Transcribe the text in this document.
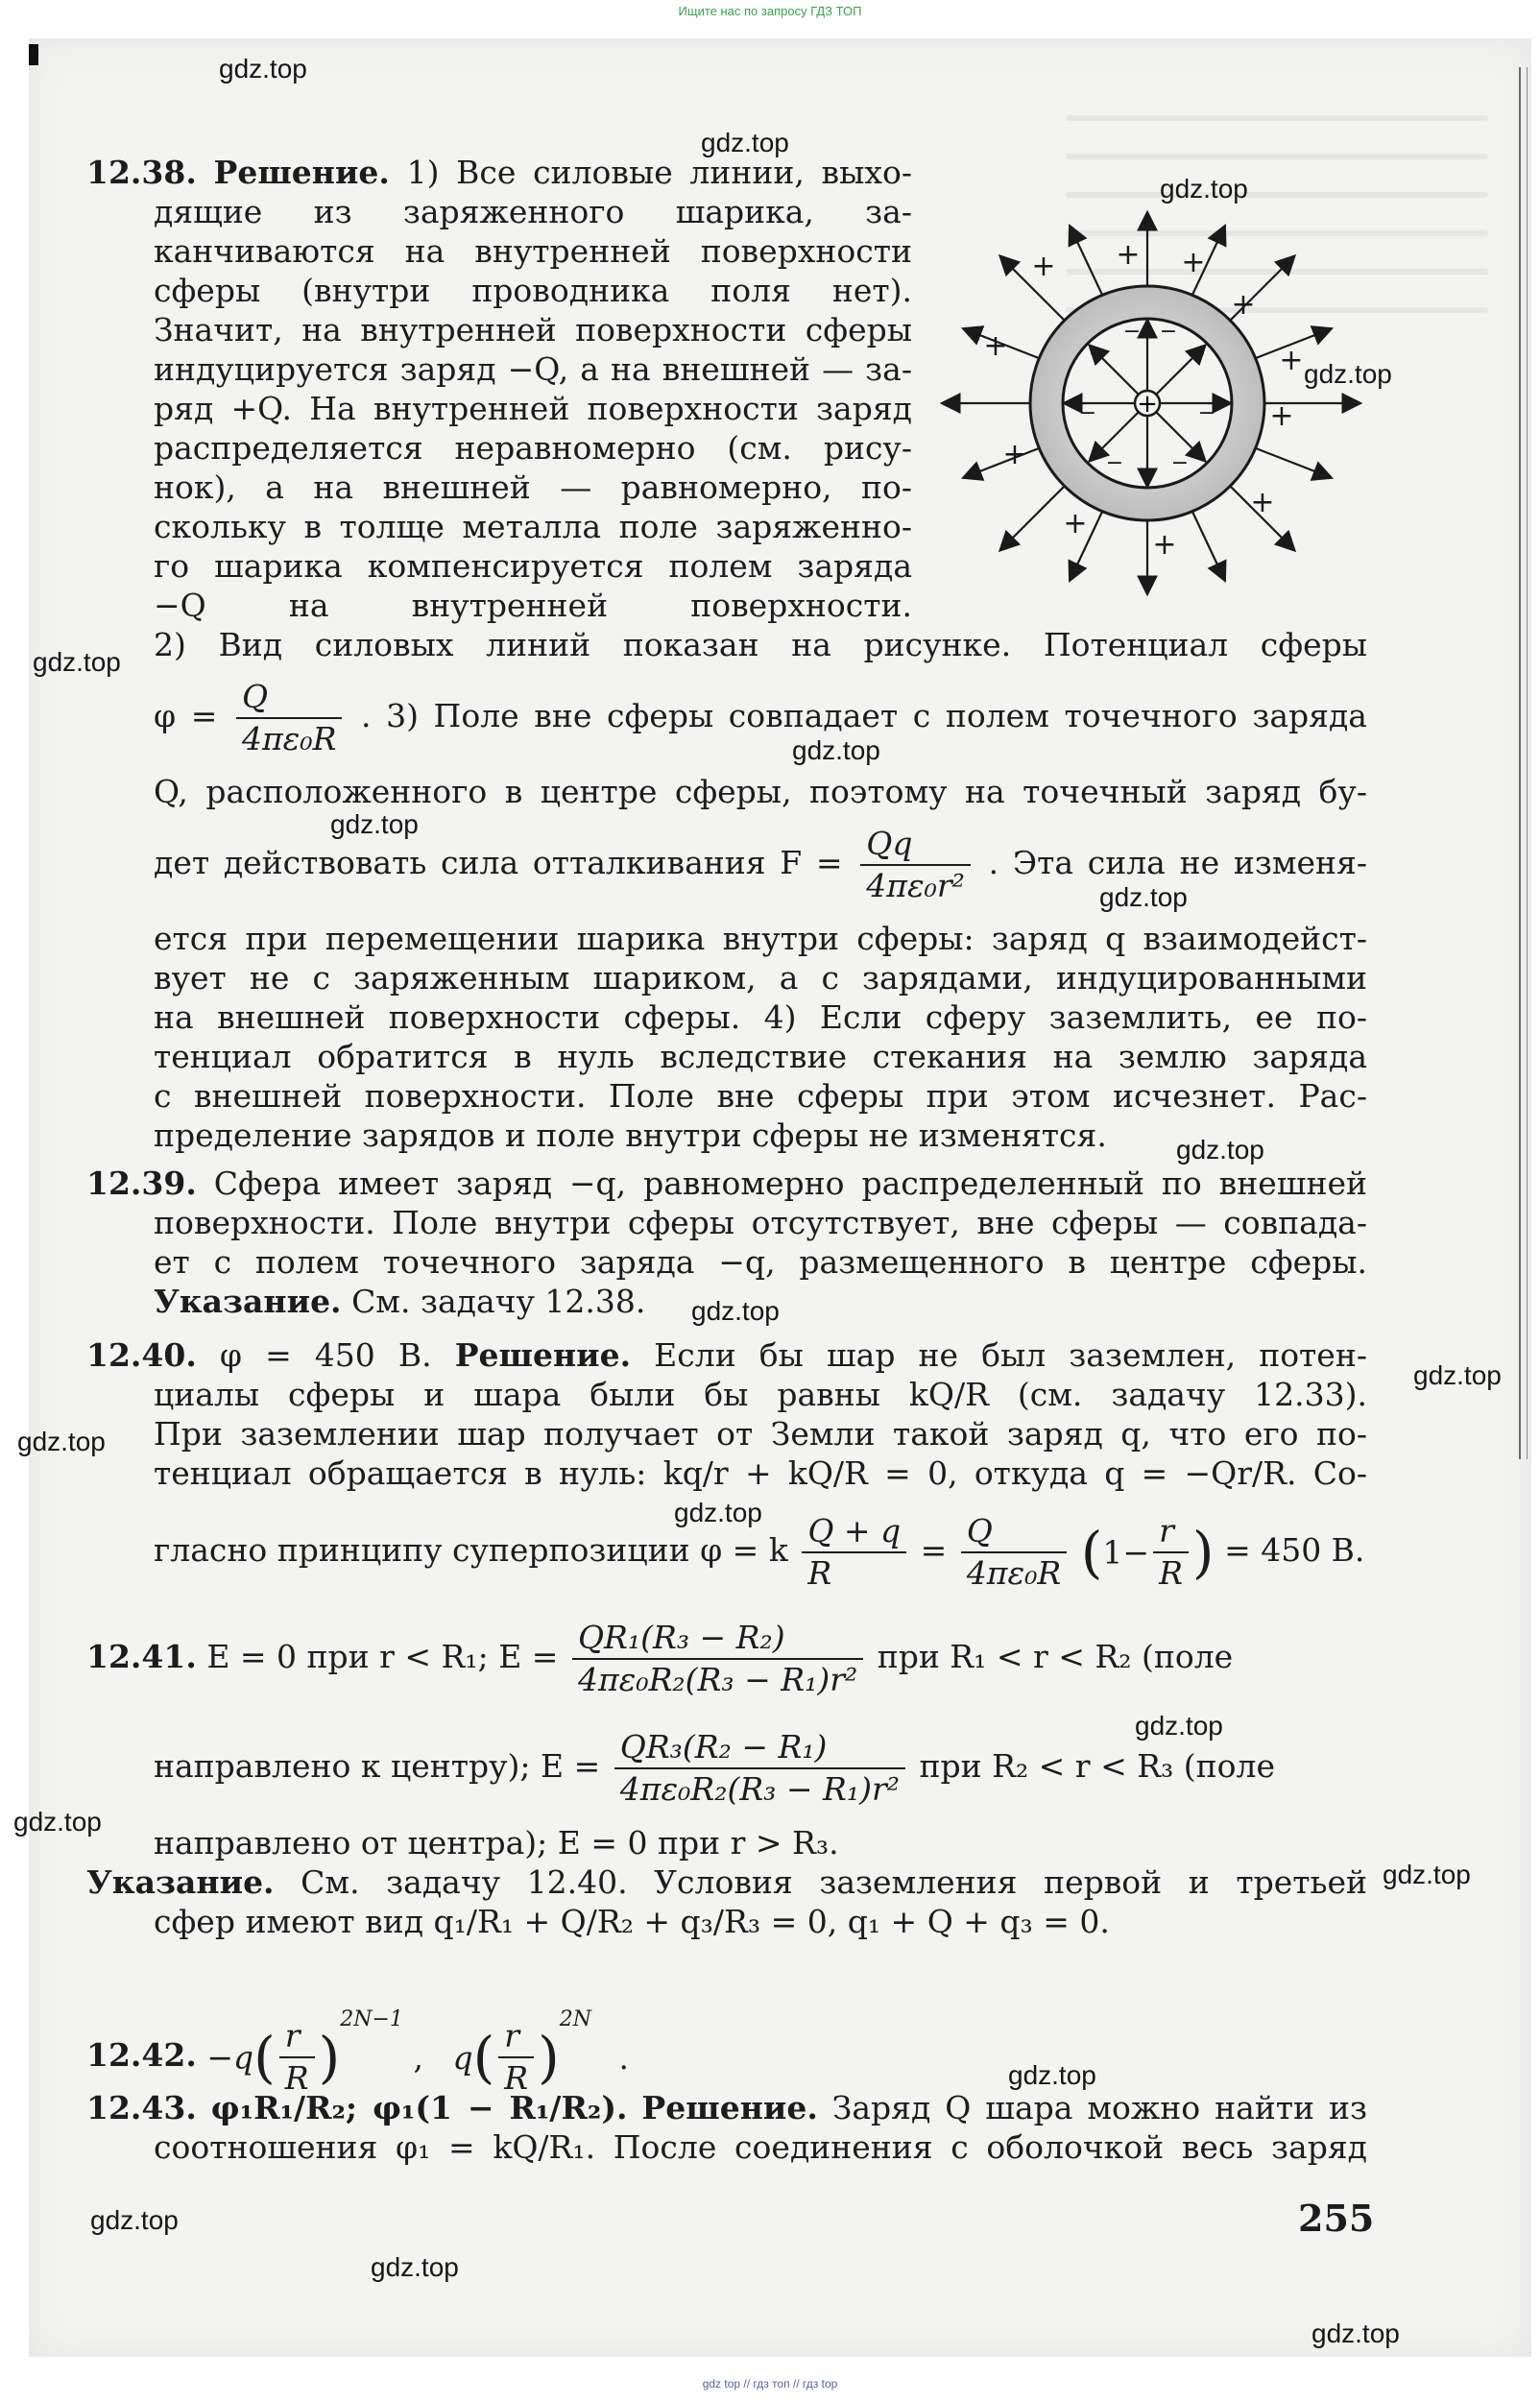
Ищите нас по запросу ГДЗ ТОП
gdz.top
gdz.top
gdz.top
gdz.top
gdz.top
gdz.top
gdz.top
gdz.top
gdz.top
gdz.top
gdz.top
gdz.top
gdz.top
gdz.top
gdz.top
gdz.top
gdz.top
gdz.top
gdz.top
gdz.top
+
+ +
+
+
+
+
+
+
+
+
+
− −
−	−
−	−
− −
12.38. Решение. 1) Все силовые линии, выхо-
дящие из заряженного шарика, за-
канчиваются на внутренней поверхности
сферы (внутри проводника поля нет).
Значит, на внутренней поверхности сферы
индуцируется заряд −Q, а на внешней — за-
ряд +Q. На внутренней поверхности заряд
распределяется неравномерно (см. рису-
нок), а на внешней — равномерно, по-
скольку в толще металла поле заряженно-
го шарика компенсируется полем заряда
−Q на внутренней поверхности.
2) Вид силовых линий показан на рисунке. Потенциал сферы
$\varphi = \frac{Q}{\text{4πε₀R}}$ . 3) Поле вне сферы совпадает с полем точечного заряда
Q, расположенного в центре сферы, поэтому на точечный заряд бу-
дет действовать сила отталкивания $F = \frac{Qq}{\text{4πε₀r²}}$ . Эта сила не изменя-
ется при перемещении шарика внутри сферы: заряд q взаимодейст-
вует не с заряженным шариком, а с зарядами, индуцированными
на внешней поверхности сферы. 4) Если сферу заземлить, ее по-
тенциал обратится в нуль вследствие стекания на землю заряда
с внешней поверхности. Поле вне сферы при этом исчезнет. Рас-
пределение зарядов и поле внутри сферы не изменятся.
12.39. Сфера имеет заряд −q, равномерно распределенный по внешней
поверхности. Поле внутри сферы отсутствует, вне сферы — совпада-
ет с полем точечного заряда −q, размещенного в центре сферы.
Указание. См. задачу 12.38.
12.40. φ = 450 В. Решение. Если бы шар не был заземлен, потен-
циалы сферы и шара были бы равны kQ/R (см. задачу 12.33).
При заземлении шар получает от Земли такой заряд q, что его по-
тенциал обращается в нуль: kq/r + kQ/R = 0, откуда q = −Qr/R. Со-
гласно принципу суперпозиции φ = k $\frac{Q + q}{R} = \frac{Q}{\text{4πε₀R}} (1- \frac{r}{R}$ ) = 450 В.
12.41. E = 0 при r < R₁; $E = \frac{\text{QR₁(R₃ − R₂)}}{\text{4πε₀R₂(R₃ − R₁)r²}}$ при R₁ < r < R₂ (поле
направлено к центру); $E = \frac{\text{QR₃(R₂ − R₁)}}{\text{4πε₀R₂(R₃ − R₁)r²}}$ при R₂ < r < R₃ (поле
направлено от центра); E = 0 при r > R₃.
Указание. См. задачу 12.40. Условия заземления первой и третьей
сфер имеют вид q₁/R₁ + Q/R₂ + q₃/R₃ = 0, q₁ + Q + q₃ = 0.
12.42. $-q( \frac{r}{R} )^{2N-1}$ , $q( \frac{r}{R} )^{2N}$ .
12.43. φ₁R₁/R₂; φ₁(1 − R₁/R₂). Решение. Заряд Q шара можно найти из
соотношения φ₁ = kQ/R₁. После соединения с оболочкой весь заряд
255
gdz top // гдз топ // гдз top
